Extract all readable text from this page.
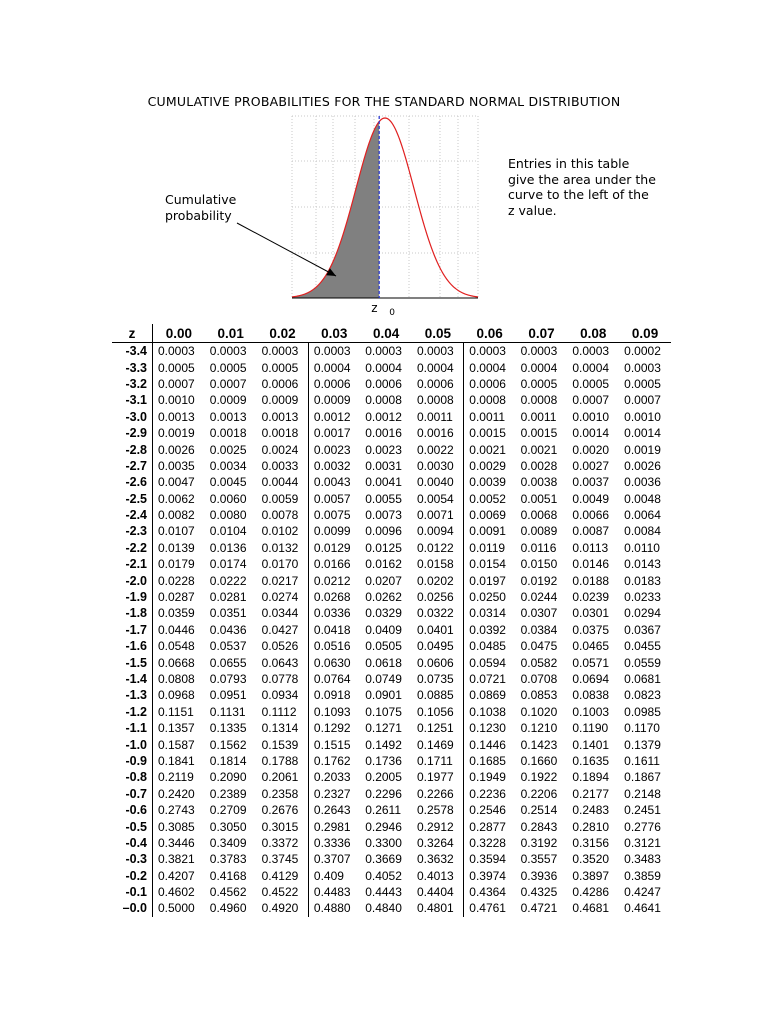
CUMULATIVE PROBABILITIES FOR THE STANDARD NORMAL DISTRIBUTION
z 0
Cumulative probability
Entries in this table give the area under the curve to the left of the z value.
z	0.00	0.01	0.02	0.03	0.04	0.05	0.06	0.07	0.08	0.09
-3.4	0.0003	0.0003	0.0003	0.0003	0.0003	0.0003	0.0003	0.0003	0.0003	0.0002
-3.3	0.0005	0.0005	0.0005	0.0004	0.0004	0.0004	0.0004	0.0004	0.0004	0.0003
-3.2	0.0007	0.0007	0.0006	0.0006	0.0006	0.0006	0.0006	0.0005	0.0005	0.0005
-3.1	0.0010	0.0009	0.0009	0.0009	0.0008	0.0008	0.0008	0.0008	0.0007	0.0007
-3.0	0.0013	0.0013	0.0013	0.0012	0.0012	0.0011	0.0011	0.0011	0.0010	0.0010
-2.9	0.0019	0.0018	0.0018	0.0017	0.0016	0.0016	0.0015	0.0015	0.0014	0.0014
-2.8	0.0026	0.0025	0.0024	0.0023	0.0023	0.0022	0.0021	0.0021	0.0020	0.0019
-2.7	0.0035	0.0034	0.0033	0.0032	0.0031	0.0030	0.0029	0.0028	0.0027	0.0026
-2.6	0.0047	0.0045	0.0044	0.0043	0.0041	0.0040	0.0039	0.0038	0.0037	0.0036
-2.5	0.0062	0.0060	0.0059	0.0057	0.0055	0.0054	0.0052	0.0051	0.0049	0.0048
-2.4	0.0082	0.0080	0.0078	0.0075	0.0073	0.0071	0.0069	0.0068	0.0066	0.0064
-2.3	0.0107	0.0104	0.0102	0.0099	0.0096	0.0094	0.0091	0.0089	0.0087	0.0084
-2.2	0.0139	0.0136	0.0132	0.0129	0.0125	0.0122	0.0119	0.0116	0.0113	0.0110
-2.1	0.0179	0.0174	0.0170	0.0166	0.0162	0.0158	0.0154	0.0150	0.0146	0.0143
-2.0	0.0228	0.0222	0.0217	0.0212	0.0207	0.0202	0.0197	0.0192	0.0188	0.0183
-1.9	0.0287	0.0281	0.0274	0.0268	0.0262	0.0256	0.0250	0.0244	0.0239	0.0233
-1.8	0.0359	0.0351	0.0344	0.0336	0.0329	0.0322	0.0314	0.0307	0.0301	0.0294
-1.7	0.0446	0.0436	0.0427	0.0418	0.0409	0.0401	0.0392	0.0384	0.0375	0.0367
-1.6	0.0548	0.0537	0.0526	0.0516	0.0505	0.0495	0.0485	0.0475	0.0465	0.0455
-1.5	0.0668	0.0655	0.0643	0.0630	0.0618	0.0606	0.0594	0.0582	0.0571	0.0559
-1.4	0.0808	0.0793	0.0778	0.0764	0.0749	0.0735	0.0721	0.0708	0.0694	0.0681
-1.3	0.0968	0.0951	0.0934	0.0918	0.0901	0.0885	0.0869	0.0853	0.0838	0.0823
-1.2	0.1151	0.1131	0.1112	0.1093	0.1075	0.1056	0.1038	0.1020	0.1003	0.0985
-1.1	0.1357	0.1335	0.1314	0.1292	0.1271	0.1251	0.1230	0.1210	0.1190	0.1170
-1.0	0.1587	0.1562	0.1539	0.1515	0.1492	0.1469	0.1446	0.1423	0.1401	0.1379
-0.9	0.1841	0.1814	0.1788	0.1762	0.1736	0.1711	0.1685	0.1660	0.1635	0.1611
-0.8	0.2119	0.2090	0.2061	0.2033	0.2005	0.1977	0.1949	0.1922	0.1894	0.1867
-0.7	0.2420	0.2389	0.2358	0.2327	0.2296	0.2266	0.2236	0.2206	0.2177	0.2148
-0.6	0.2743	0.2709	0.2676	0.2643	0.2611	0.2578	0.2546	0.2514	0.2483	0.2451
-0.5	0.3085	0.3050	0.3015	0.2981	0.2946	0.2912	0.2877	0.2843	0.2810	0.2776
-0.4	0.3446	0.3409	0.3372	0.3336	0.3300	0.3264	0.3228	0.3192	0.3156	0.3121
-0.3	0.3821	0.3783	0.3745	0.3707	0.3669	0.3632	0.3594	0.3557	0.3520	0.3483
-0.2	0.4207	0.4168	0.4129	0.409	0.4052	0.4013	0.3974	0.3936	0.3897	0.3859
-0.1	0.4602	0.4562	0.4522	0.4483	0.4443	0.4404	0.4364	0.4325	0.4286	0.4247
–0.0	0.5000	0.4960	0.4920	0.4880	0.4840	0.4801	0.4761	0.4721	0.4681	0.4641
